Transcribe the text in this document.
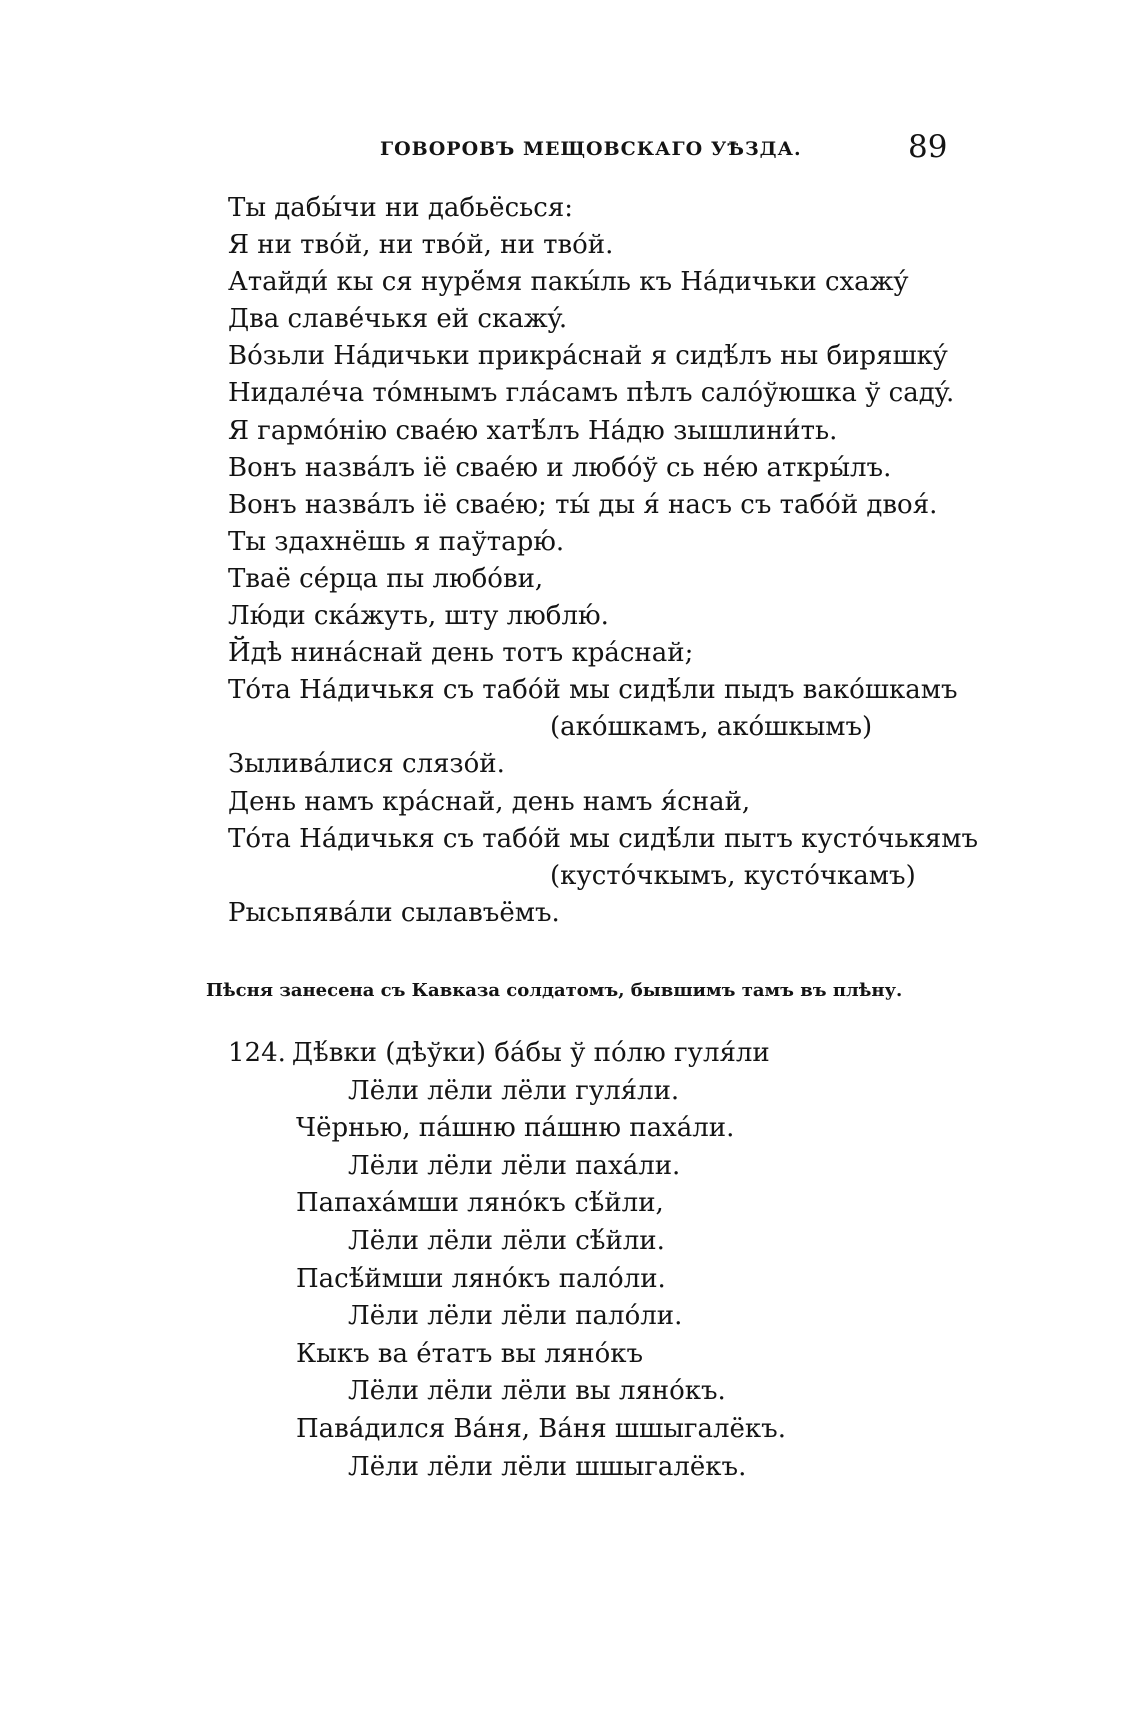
ГОВОРОВЪ МЕЩОВСКАГО УѢЗДА.	89
Ты дабы́чи ни дабьёсься:
Я ни твóй, ни твóй, ни твóй.
Атайди́ кы ся нурё́мя пакы́ль къ Нáдичьки схажý
Два славéчькя ей скажý.
Вóзьли Нáдичьки прикрáснай я сидѣ́лъ ны биряшкý
Нидалéча тóмнымъ глáсамъ пѣлъ салóўюшка ў садý.
Я гармóнію сваéю хатѣ́лъ Нáдю зышлини́ть.
Вонъ назвáлъ iё сваéю и любóў сь нéю аткры́лъ.
Вонъ назвáлъ iё сваéю; ты́ ды я́ насъ съ табóй двоя́.
Ты здахнёшь я паўтарю́.
Тваё сéрца пы любóви,
Лю́ди скáжуть, шту люблю́.
Йдѣ нинáснай день тотъ крáснай;
Тóта Нáдичькя съ табóй мы сидѣ́ли пыдъ вакóшкамъ
(акóшкамъ, акóшкымъ)
Зыливáлися слязóй.
День намъ крáснай, день намъ я́снай,
Тóта Нáдичькя съ табóй мы сидѣ́ли пытъ кустóчькямъ
(кустóчкымъ, кустóчкамъ)
Рысьпявáли сылавъёмъ.
Пѣсня занесена съ Кавказа солдатомъ, бывшимъ тамъ въ плѣну.
124. Дѣ́вки (дѣўки) бáбы ў пóлю гуля́ли
Лёли лёли лёли гуля́ли.
Чёрнью, пáшню пáшню пахáли.
Лёли лёли лёли пахáли.
Папахáмши лянóкъ сѣ́йли,
Лёли лёли лёли сѣ́йли.
Пасѣ́ймши лянóкъ палóли.
Лёли лёли лёли палóли.
Кыкъ ва éтатъ вы лянóкъ
Лёли лёли лёли вы лянóкъ.
Павáдился Вáня, Вáня шшыгалёкъ.
Лёли лёли лёли шшыгалёкъ.
